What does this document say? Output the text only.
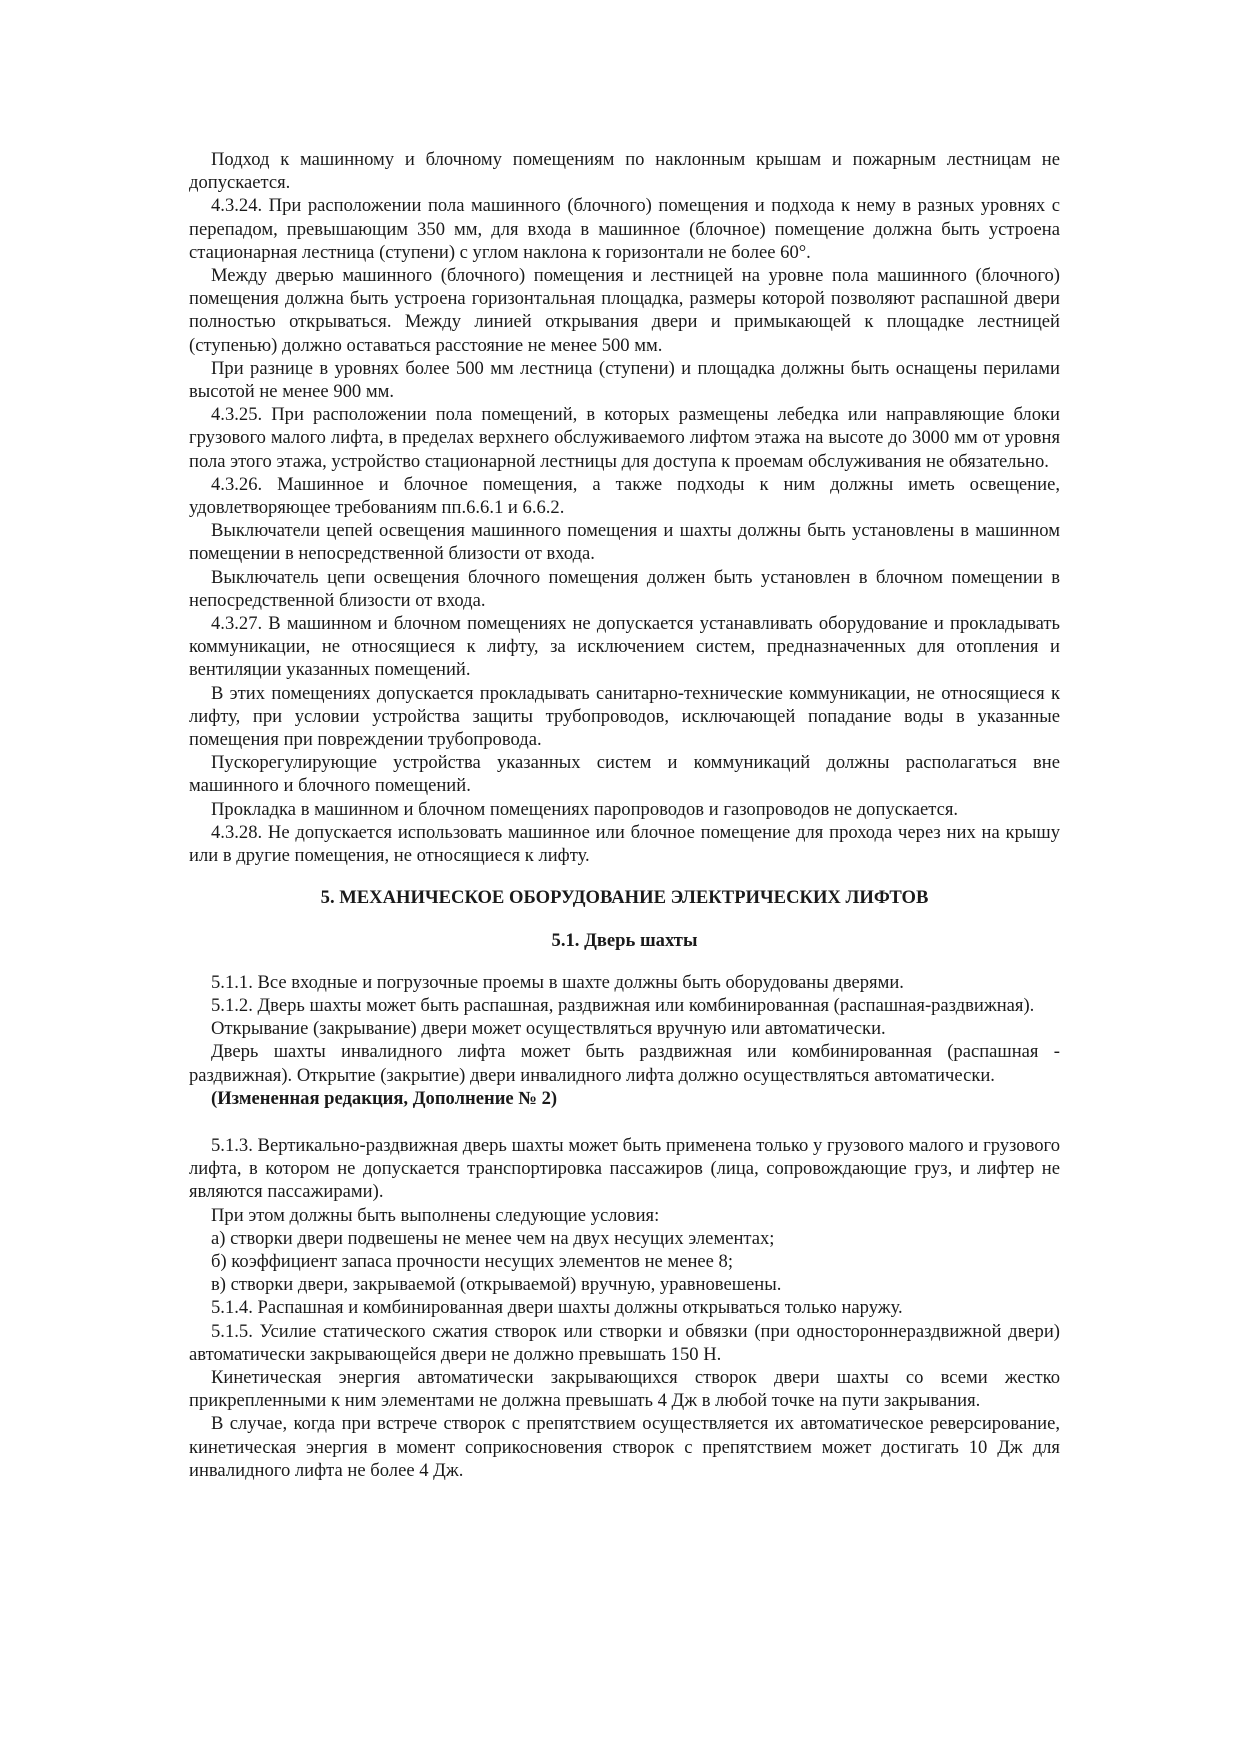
Подход к машинному и блочному помещениям по наклонным крышам и пожарным лестницам не допускается.

4.3.24. При расположении пола машинного (блочного) помещения и подхода к нему в разных уровнях с перепадом, превышающим 350 мм, для входа в машинное (блочное) помещение должна быть устроена стационарная лестница (ступени) с углом наклона к горизонтали не более 60°.

Между дверью машинного (блочного) помещения и лестницей на уровне пола машинного (блочного) помещения должна быть устроена горизонтальная площадка, размеры которой позволяют распашной двери полностью открываться. Между линией открывания двери и примыкающей к площадке лестницей (ступенью) должно оставаться расстояние не менее 500 мм.

При разнице в уровнях более 500 мм лестница (ступени) и площадка должны быть оснащены перилами высотой не менее 900 мм.

4.3.25. При расположении пола помещений, в которых размещены лебедка или направляющие блоки грузового малого лифта, в пределах верхнего обслуживаемого лифтом этажа на высоте до 3000 мм от уровня пола этого этажа, устройство стационарной лестницы для доступа к проемам обслуживания не обязательно.

4.3.26. Машинное и блочное помещения, а также подходы к ним должны иметь освещение, удовлетворяющее требованиям пп.6.6.1 и 6.6.2.

Выключатели цепей освещения машинного помещения и шахты должны быть установлены в машинном помещении в непосредственной близости от входа.

Выключатель цепи освещения блочного помещения должен быть установлен в блочном помещении в непосредственной близости от входа.

4.3.27. В машинном и блочном помещениях не допускается устанавливать оборудование и прокладывать коммуникации, не относящиеся к лифту, за исключением систем, предназначенных для отопления и вентиляции указанных помещений.

В этих помещениях допускается прокладывать санитарно-технические коммуникации, не относящиеся к лифту, при условии устройства защиты трубопроводов, исключающей попадание воды в указанные помещения при повреждении трубопровода.

Пускорегулирующие устройства указанных систем и коммуникаций должны располагаться вне машинного и блочного помещений.

Прокладка в машинном и блочном помещениях паропроводов и газопроводов не допускается.

4.3.28. Не допускается использовать машинное или блочное помещение для прохода через них на крышу или в другие помещения, не относящиеся к лифту.

5. МЕХАНИЧЕСКОЕ ОБОРУДОВАНИЕ ЭЛЕКТРИЧЕСКИХ ЛИФТОВ

5.1. Дверь шахты

5.1.1. Все входные и погрузочные проемы в шахте должны быть оборудованы дверями.

5.1.2. Дверь шахты может быть распашная, раздвижная или комбинированная (распашная-раздвижная).

Открывание (закрывание) двери может осуществляться вручную или автоматически.

Дверь шахты инвалидного лифта может быть раздвижная или комбинированная (распашная - раздвижная). Открытие (закрытие) двери инвалидного лифта должно осуществляться автоматически.

(Измененная редакция, Дополнение № 2)

5.1.3. Вертикально-раздвижная дверь шахты может быть применена только у грузового малого и грузового лифта, в котором не допускается транспортировка пассажиров (лица, сопровождающие груз, и лифтер не являются пассажирами).

При этом должны быть выполнены следующие условия:

а) створки двери подвешены не менее чем на двух несущих элементах;

б) коэффициент запаса прочности несущих элементов не менее 8;

в) створки двери, закрываемой (открываемой) вручную, уравновешены.

5.1.4. Распашная и комбинированная двери шахты должны открываться только наружу.

5.1.5. Усилие статического сжатия створок или створки и обвязки (при одностороннераздвижной двери) автоматически закрывающейся двери не должно превышать 150 Н.

Кинетическая энергия автоматически закрывающихся створок двери шахты со всеми жестко прикрепленными к ним элементами не должна превышать 4 Дж в любой точке на пути закрывания.

В случае, когда при встрече створок с препятствием осуществляется их автоматическое реверсирование, кинетическая энергия в момент соприкосновения створок с препятствием может достигать 10 Дж для инвалидного лифта не более 4 Дж.
